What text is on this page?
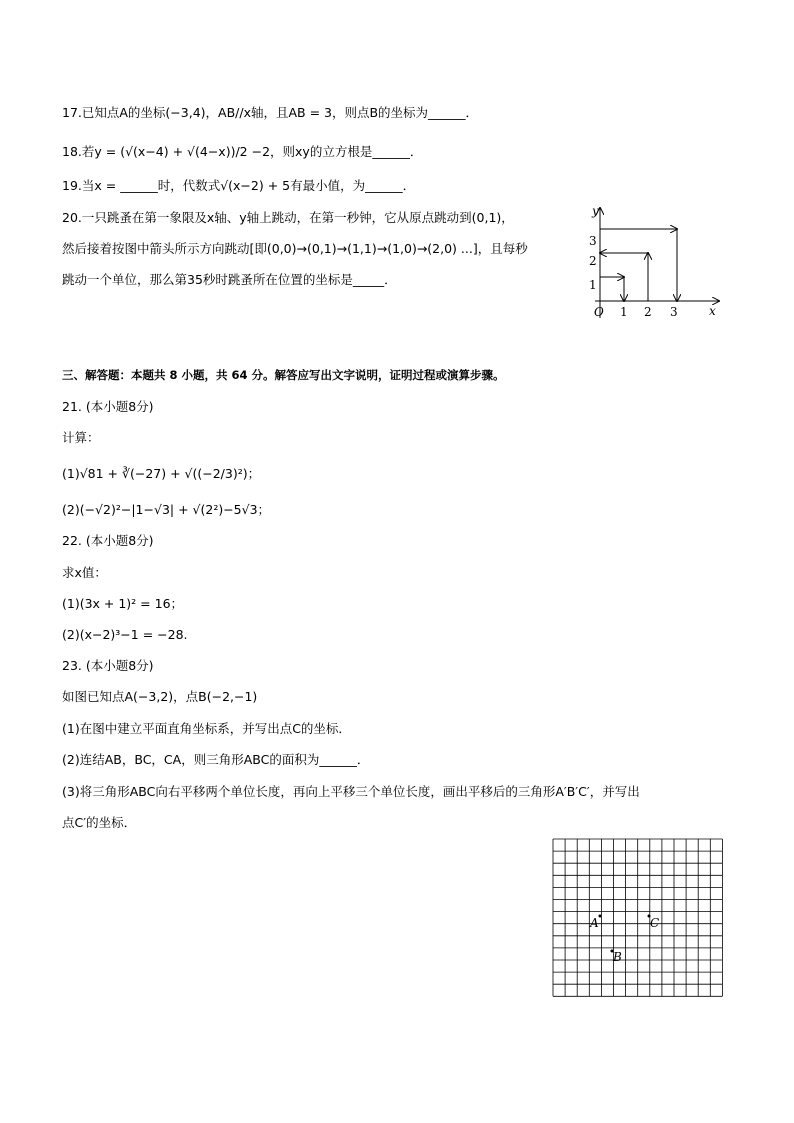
17.已知点A的坐标(−3,4)，AB//x轴，且AB = 3，则点B的坐标为______．
18.若y = (√(x−4) + √(4−x))/2 −2，则xy的立方根是______．
19.当x = ______时，代数式√(x−2) + 5有最小值，为______．
20.一只跳蚤在第一象限及x轴、y轴上跳动，在第一秒钟，它从原点跳动到(0,1)，
然后接着按图中箭头所示方向跳动[即(0,0)→(0,1)→(1,1)→(1,0)→(2,0) ...]，且每秒
跳动一个单位，那么第35秒时跳蚤所在位置的坐标是_____．
y
x
O 1 2 3
1
2
3
三、解答题：本题共 8 小题，共 64 分。解答应写出文字说明，证明过程或演算步骤。
21. (本小题8分)
计算：
(1)√81 + ∛(−27) + √((−2/3)²)；
(2)(−√2)²−|1−√3| + √(2²)−5√3；
22. (本小题8分)
求x值：
(1)(3x + 1)² = 16；
(2)(x−2)³−1 = −28.
23. (本小题8分)
如图已知点A(−3,2)，点B(−2,−1)
(1)在图中建立平面直角坐标系，并写出点C的坐标．
(2)连结AB，BC，CA，则三角形ABC的面积为______．
(3)将三角形ABC向右平移两个单位长度，再向上平移三个单位长度，画出平移后的三角形A′B′C′，并写出
点C′的坐标．
A
B
C
